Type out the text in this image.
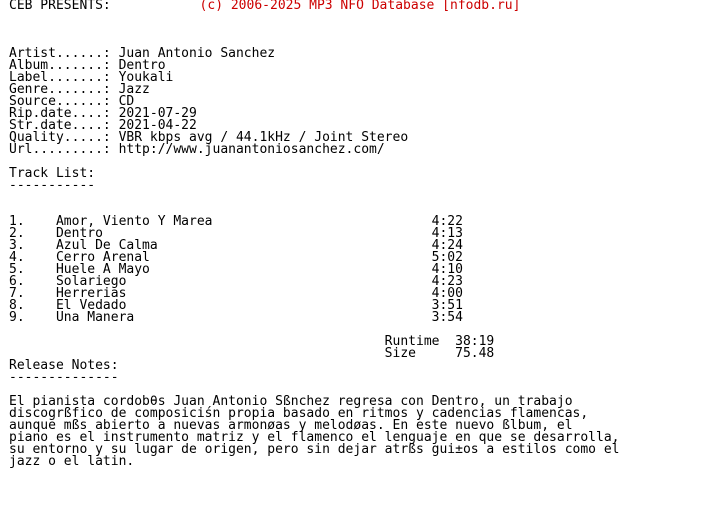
(c) 2006-2025 MP3 NFO Database [nfodb.ru]
CEB PRESENTS:
Artist......: Juan Antonio Sanchez
Album.......: Dentro
Label.......: Youkali
Genre.......: Jazz
Source......: CD
Rip.date....: 2021-07-29
Str.date....: 2021-04-22
Quality.....: VBR kbps avg / 44.1kHz / Joint Stereo
Url.........: http://www.juanantoniosanchez.com/
Track List:
-----------
1.    Amor, Viento Y Marea                            4:22
2.    Dentro                                          4:13
3.    Azul De Calma                                   4:24
4.    Cerro Arenal                                    5:02
5.    Huele A Mayo                                    4:10
6.    Solariego                                       4:23
7.    Herrerias                                       4:00
8.    El Vedado                                       3:51
9.    Una Manera                                      3:54
Runtime  38:19
Size     75.48
Release Notes:
--------------
El pianista cordobθs Juan Antonio Sßnchez regresa con Dentro, un trabajo
discogrßfico de composiciśn propia basado en ritmos y cadencias flamencas,
aunque mßs abierto a nuevas armonøas y melodøas. En este nuevo ßlbum, el
piano es el instrumento matriz y el flamenco el lenguaje en que se desarrolla,
su entorno y su lugar de origen, pero sin dejar atrßs gui±os a estilos como el
jazz o el latin.
